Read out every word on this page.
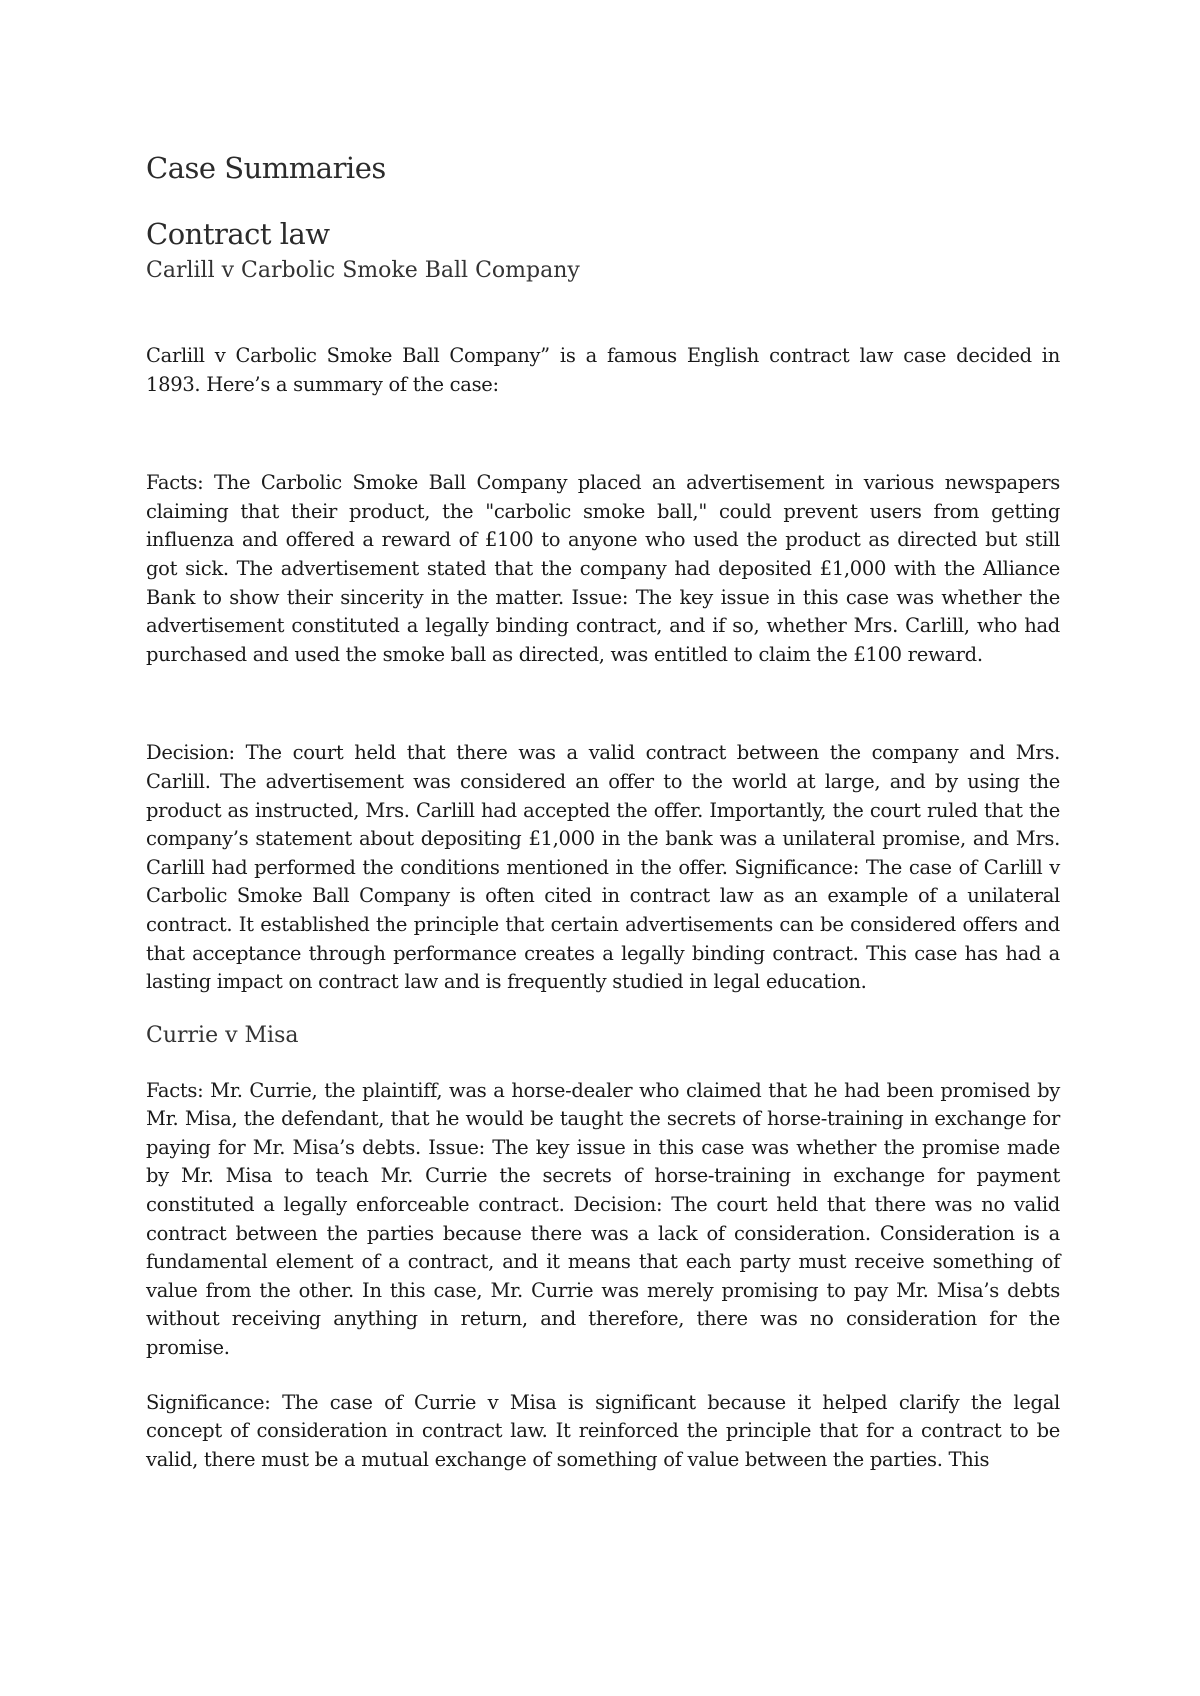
Case Summaries
Contract law
Carlill v Carbolic Smoke Ball Company

Carlill v Carbolic Smoke Ball Company” is a famous English contract law case decided in 1893. Here’s a summary of the case:

Facts: The Carbolic Smoke Ball Company placed an advertisement in various newspapers claiming that their product, the "carbolic smoke ball," could prevent users from getting influenza and offered a reward of £100 to anyone who used the product as directed but still got sick. The advertisement stated that the company had deposited £1,000 with the Alliance Bank to show their sincerity in the matter. Issue: The key issue in this case was whether the advertisement constituted a legally binding contract, and if so, whether Mrs. Carlill, who had purchased and used the smoke ball as directed, was entitled to claim the £100 reward.

Decision: The court held that there was a valid contract between the company and Mrs. Carlill. The advertisement was considered an offer to the world at large, and by using the product as instructed, Mrs. Carlill had accepted the offer. Importantly, the court ruled that the company’s statement about depositing £1,000 in the bank was a unilateral promise, and Mrs. Carlill had performed the conditions mentioned in the offer. Significance: The case of Carlill v Carbolic Smoke Ball Company is often cited in contract law as an example of a unilateral contract. It established the principle that certain advertisements can be considered offers and that acceptance through performance creates a legally binding contract. This case has had a lasting impact on contract law and is frequently studied in legal education.

Currie v Misa

Facts: Mr. Currie, the plaintiff, was a horse-dealer who claimed that he had been promised by Mr. Misa, the defendant, that he would be taught the secrets of horse-training in exchange for paying for Mr. Misa’s debts. Issue: The key issue in this case was whether the promise made by Mr. Misa to teach Mr. Currie the secrets of horse-training in exchange for payment constituted a legally enforceable contract. Decision: The court held that there was no valid contract between the parties because there was a lack of consideration. Consideration is a fundamental element of a contract, and it means that each party must receive something of value from the other. In this case, Mr. Currie was merely promising to pay Mr. Misa’s debts without receiving anything in return, and therefore, there was no consideration for the promise.

Significance: The case of Currie v Misa is significant because it helped clarify the legal concept of consideration in contract law. It reinforced the principle that for a contract to be valid, there must be a mutual exchange of something of value between the parties. This
